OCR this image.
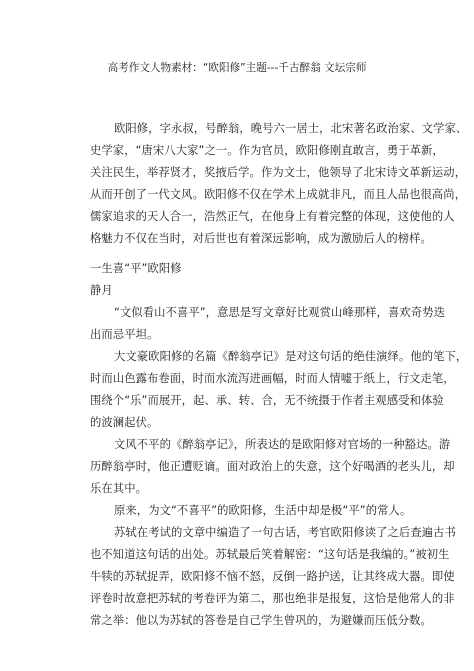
高考作文人物素材：“欧阳修”主题---千古醉翁 文坛宗师
欧阳修，字永叔，号醉翁，晚号六一居士，北宋著名政治家、文学家、
史学家，“唐宋八大家”之一。作为官员，欧阳修刚直敢言，勇于革新，
关注民生，举荐贤才，奖掖后学。作为文士，他领导了北宋诗文革新运动，
从而开创了一代文风。欧阳修不仅在学术上成就非凡，而且人品也很高尚，
儒家追求的天人合一，浩然正气，在他身上有着完整的体现，这使他的人
格魅力不仅在当时，对后世也有着深远影响，成为激励后人的榜样。
一生喜“平”欧阳修
静月
“文似看山不喜平”，意思是写文章好比观赏山峰那样，喜欢奇势迭
出而忌平坦。
大文豪欧阳修的名篇《醉翁亭记》是对这句话的绝佳演绎。他的笔下，
时而山色露布卷面，时而水流泻进画幅，时而人情嘘于纸上，行文走笔，
围绕个“乐”而展开，起、承、转、合，无不统摄于作者主观感受和体验
的波澜起伏。
文风不平的《醉翁亭记》，所表达的是欧阳修对官场的一种豁达。游
历醉翁亭时，他正遭贬谪。面对政治上的失意，这个好喝酒的老头儿，却
乐在其中。
原来，为文“不喜平”的欧阳修，生活中却是极“平”的常人。
苏轼在考试的文章中编造了一句古话，考官欧阳修读了之后查遍古书
也不知道这句话的出处。苏轼最后笑着解密：“这句话是我编的。”被初生
牛犊的苏轼捉弄，欧阳修不恼不怒，反倒一路护送，让其终成大器。即使
评卷时故意把苏轼的考卷评为第二，那也绝非是报复，这恰是他常人的非
常之举：他以为苏轼的答卷是自己学生曾巩的，为避嫌而压低分数。
